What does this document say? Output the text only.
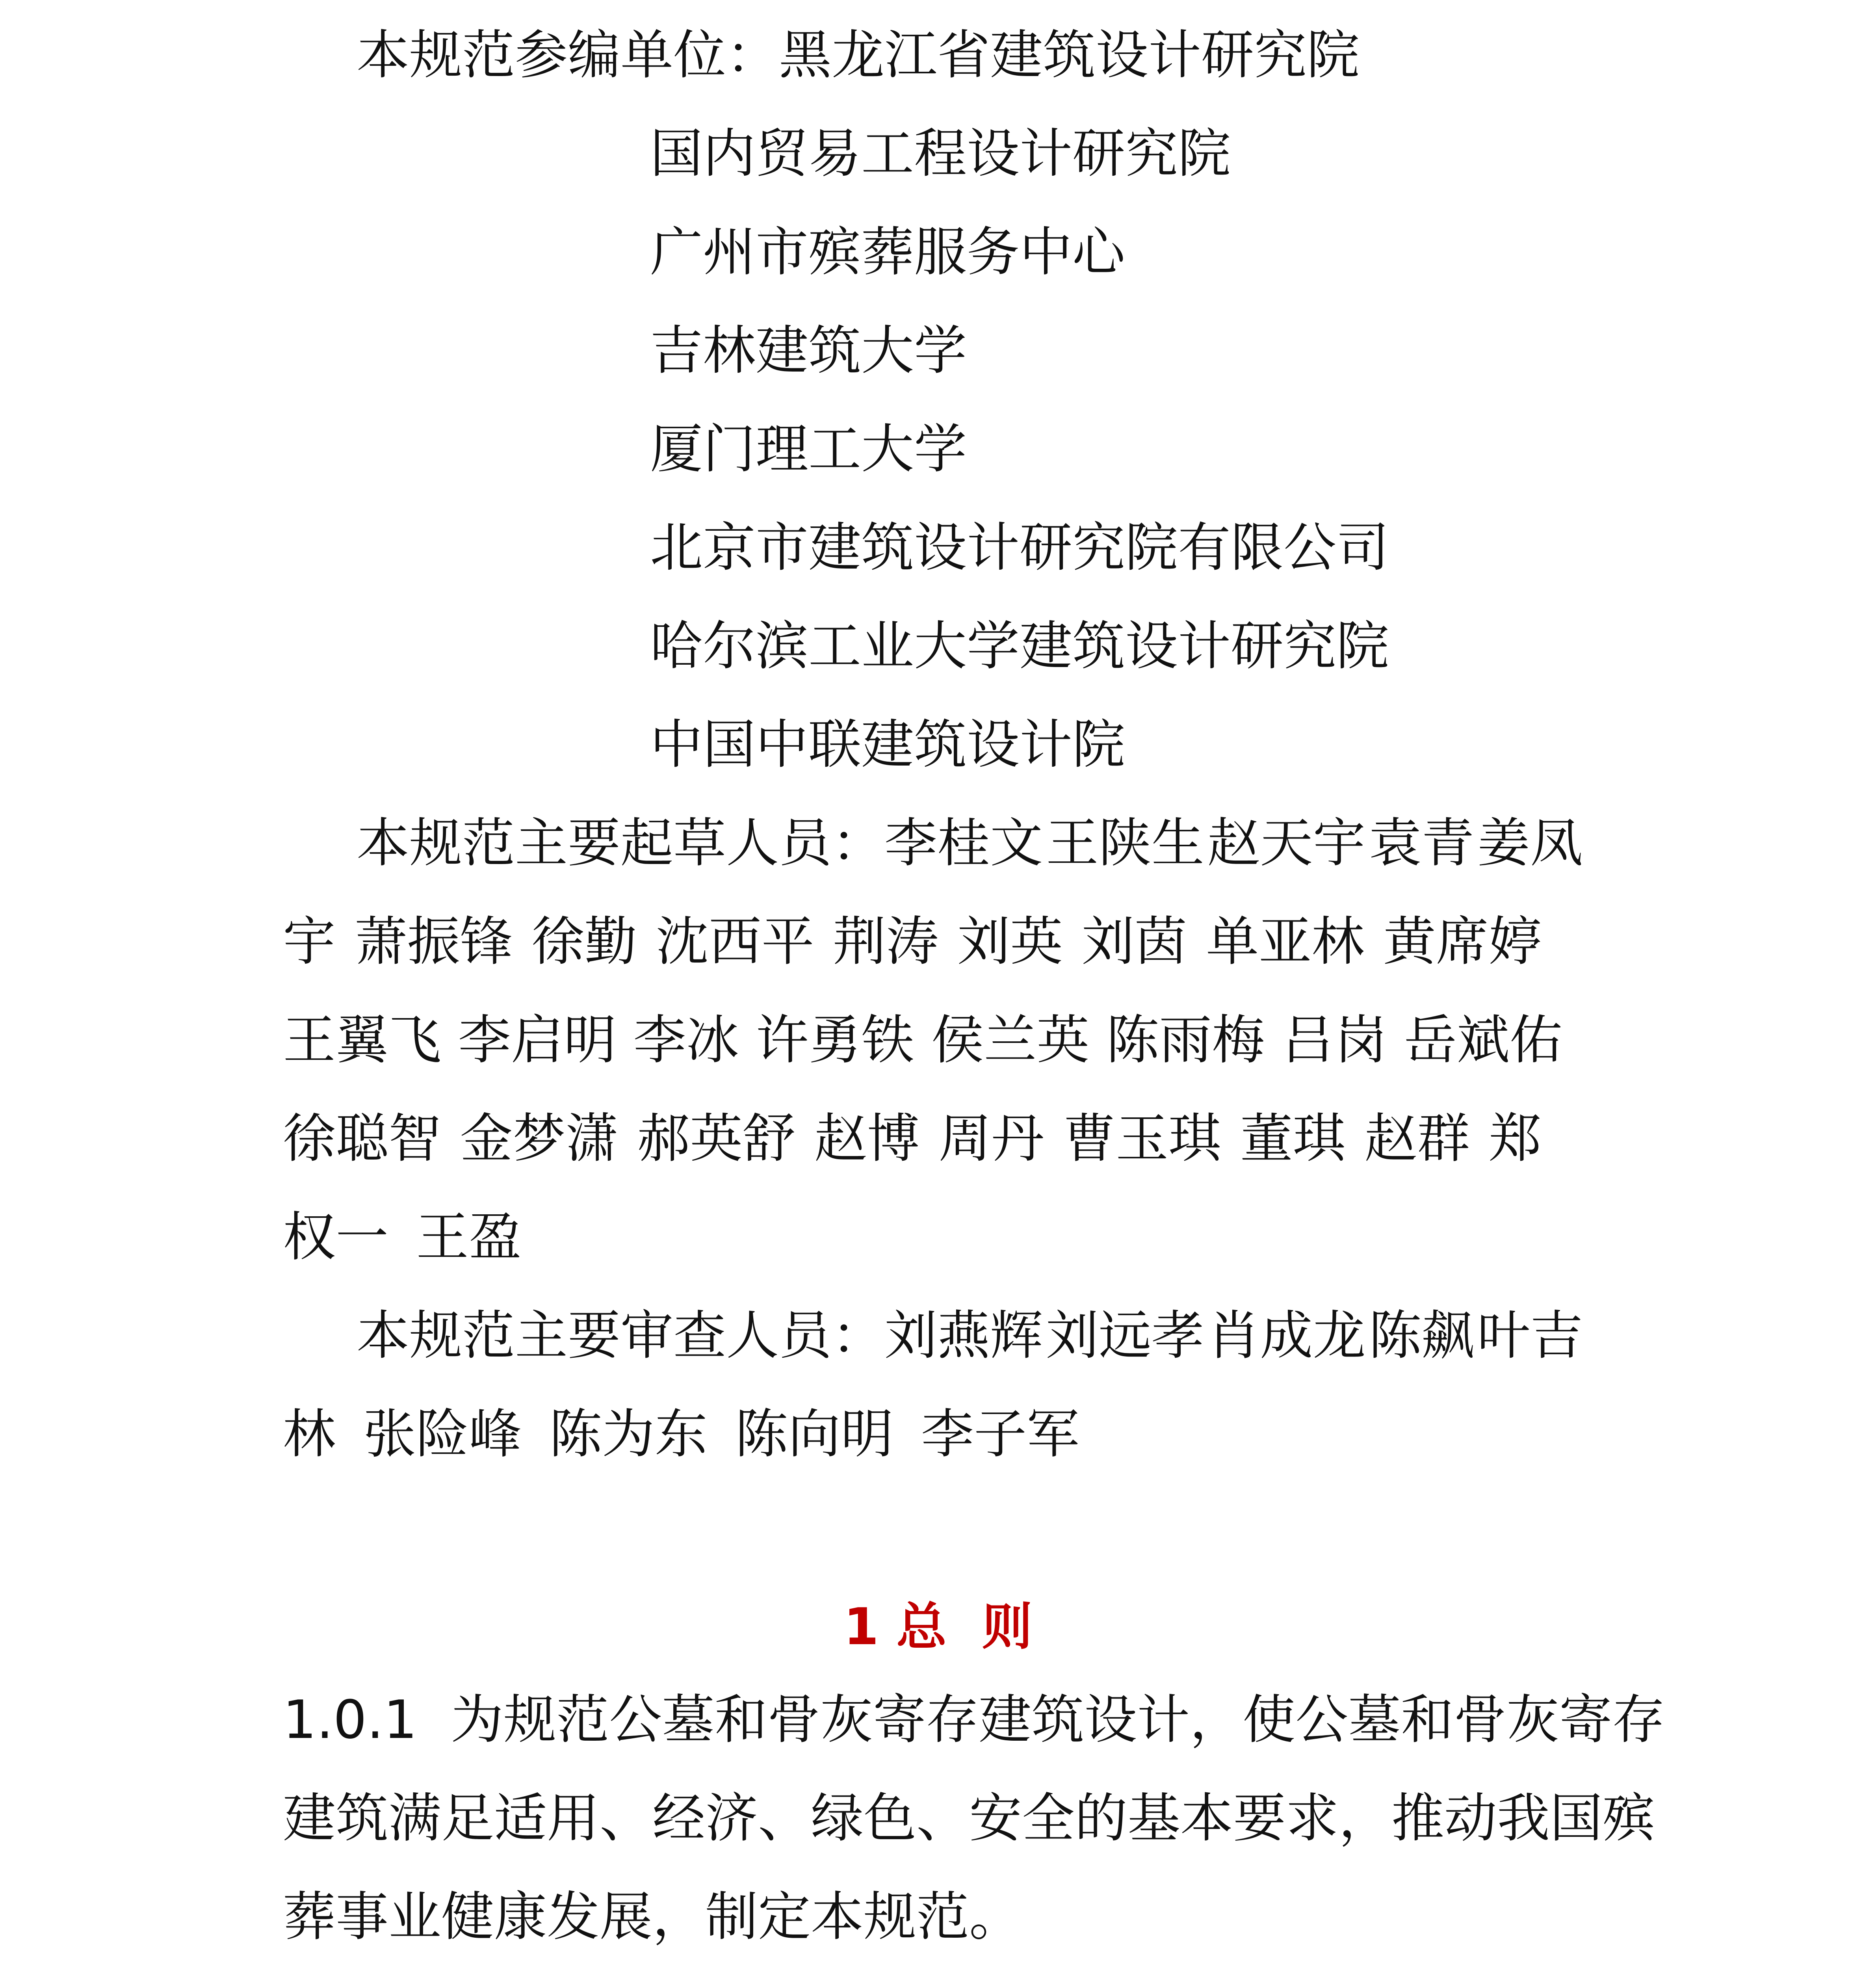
本规范参编单位：黑龙江省建筑设计研究院
国内贸易工程设计研究院
广州市殡葬服务中心
吉林建筑大学
厦门理工大学
北京市建筑设计研究院有限公司
哈尔滨工业大学建筑设计研究院
中国中联建筑设计院
本规范主要起草人员：李桂文 王陕生 赵天宇 袁青 姜凤
宇 萧振锋 徐勤 沈西平 荆涛 刘英 刘茵 单亚林 黄席婷
王翼飞 李启明 李冰 许勇铁 侯兰英 陈雨梅 吕岗 岳斌佑
徐聪智 金梦潇 郝英舒 赵博 周丹 曹玉琪 董琪 赵群 郑
权一 王盈
本规范主要审查人员：刘燕辉 刘远孝 肖成龙 陈飙 叶吉
林 张险峰 陈为东 陈向明 李子军
1 总  则
1.0.1  为规范公墓和骨灰寄存建筑设计，使公墓和骨灰寄存
建筑满足适用、经济、绿色、安全的基本要求，推动我国殡
葬事业健康发展，制定本规范。
